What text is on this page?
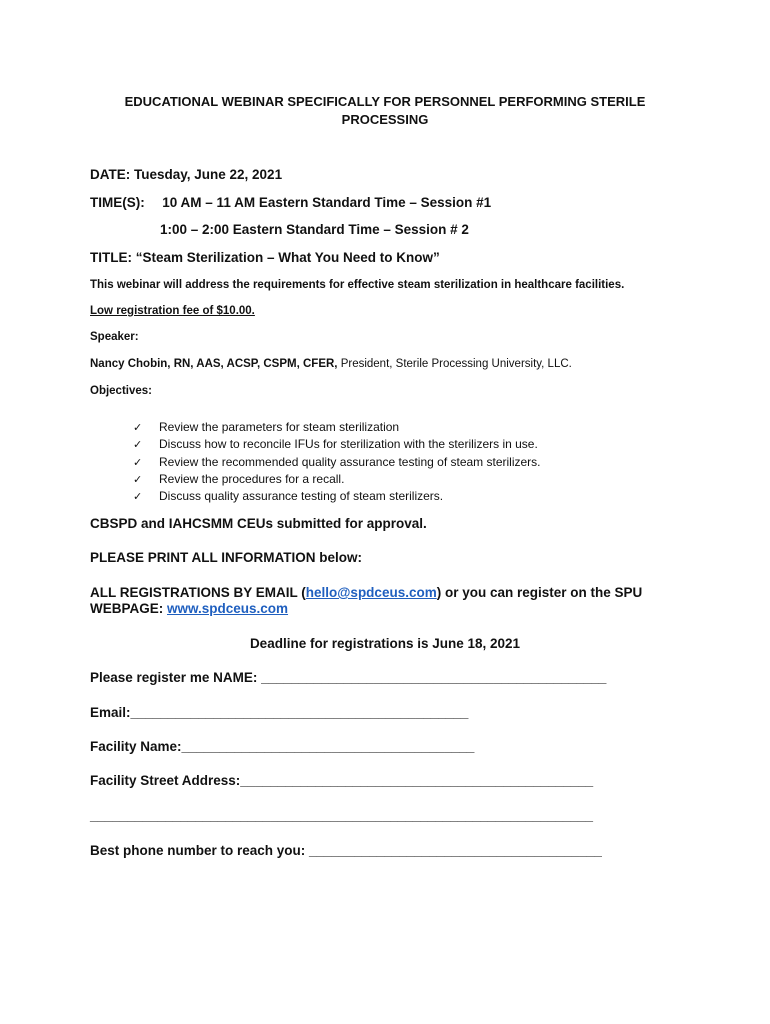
EDUCATIONAL WEBINAR SPECIFICALLY FOR PERSONNEL PERFORMING STERILE PROCESSING
DATE: Tuesday, June 22, 2021
TIME(S): 10 AM – 11 AM Eastern Standard Time – Session #1
1:00 – 2:00 Eastern Standard Time – Session # 2
TITLE: “Steam Sterilization – What You Need to Know”
This webinar will address the requirements for effective steam sterilization in healthcare facilities.
Low registration fee of $10.00.
Speaker:
Nancy Chobin, RN, AAS, ACSP, CSPM, CFER, President, Sterile Processing University, LLC.
Objectives:
✓ Review the parameters for steam sterilization
✓ Discuss how to reconcile IFUs for sterilization with the sterilizers in use.
✓ Review the recommended quality assurance testing of steam sterilizers.
✓ Review the procedures for a recall.
✓ Discuss quality assurance testing of steam sterilizers.
CBSPD and IAHCSMM CEUs submitted for approval.
PLEASE PRINT ALL INFORMATION below:
ALL REGISTRATIONS BY EMAIL (hello@spdceus.com) or you can register on the SPU
WEBPAGE: www.spdceus.com
Deadline for registrations is June 18, 2021
Please register me NAME: ______________________________________________
Email:_____________________________________________
Facility Name:_______________________________________
Facility Street Address:_______________________________________________
___________________________________________________________________
Best phone number to reach you: _______________________________________
